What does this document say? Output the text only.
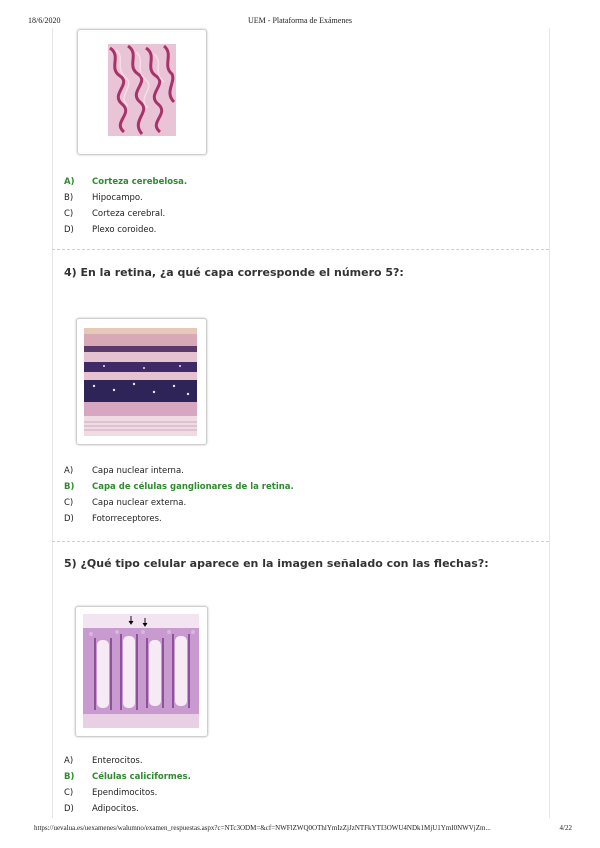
18/6/2020	UEM - Plataforma de Exámenes
A)	Corteza cerebelosa.
B)	Hipocampo.
C)	Corteza cerebral.
D)	Plexo coroideo.
4) En la retina, ¿a qué capa corresponde el número 5?:
A)	Capa nuclear interna.
B)	Capa de células ganglionares de la retina.
C)	Capa nuclear externa.
D)	Fotorreceptores.
5) ¿Qué tipo celular aparece en la imagen señalado con las flechas?:
A)	Enterocitos.
B)	Células caliciformes.
C)	Ependimocitos.
D)	Adipocitos.
https://uevalua.es/uexamenes/walumno/examen_respuestas.aspx?c=NTc3ODM=&cf=NWFlZWQ0OThlYmIzZjJzNTFkYTI3OWU4NDk1MjU1YmI0NWVjZm...	4/22
